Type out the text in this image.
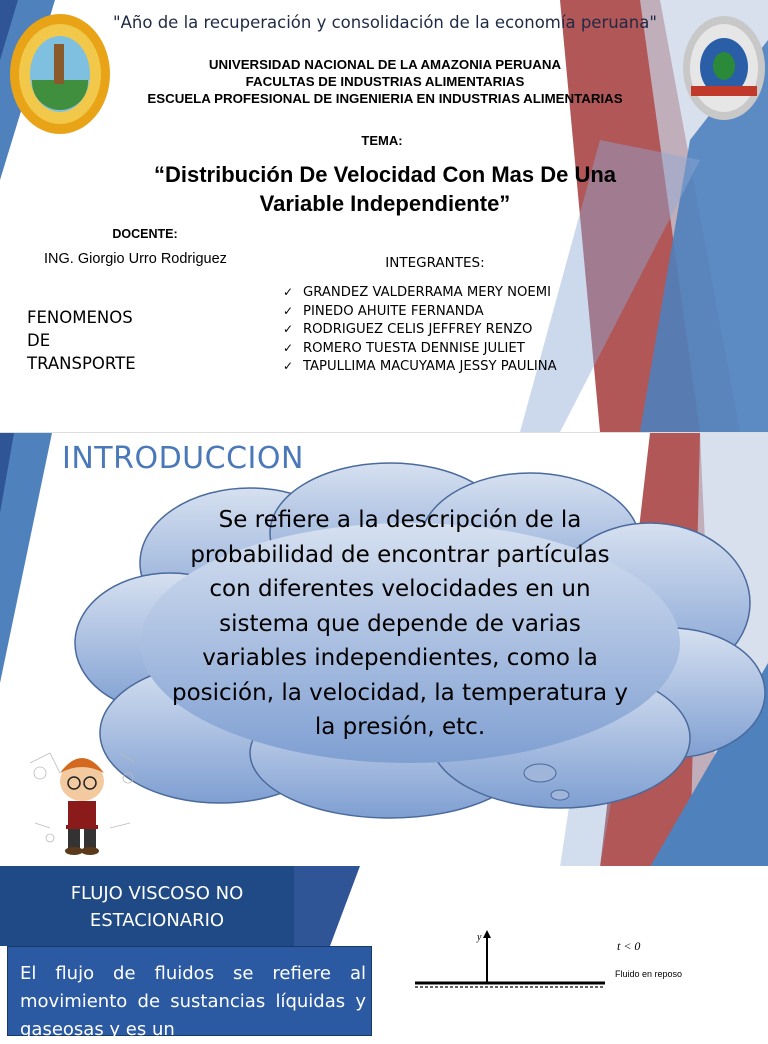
"Año de la recuperación y consolidación de la economía peruana"
UNIVERSIDAD NACIONAL DE LA AMAZONIA PERUANA
FACULTAS DE INDUSTRIAS ALIMENTARIAS
ESCUELA PROFESIONAL DE INGENIERIA EN INDUSTRIAS ALIMENTARIAS
TEMA:
“Distribución De Velocidad Con Mas De Una Variable Independiente”
DOCENTE:
ING. Giorgio Urro Rodriguez
FENOMENOS
DE
TRANSPORTE
INTEGRANTES:
✓ GRANDEZ VALDERRAMA MERY NOEMI
✓ PINEDO AHUITE FERNANDA
✓ RODRIGUEZ CELIS JEFFREY RENZO
✓ ROMERO TUESTA DENNISE JULIET
✓ TAPULLIMA MACUYAMA JESSY PAULINA
INTRODUCCION
Se refiere a la descripción de la probabilidad de encontrar partículas con diferentes velocidades en un sistema que depende de varias variables independientes, como la posición, la velocidad, la temperatura y la presión, etc.
FLUJO VISCOSO NO ESTACIONARIO
El flujo de fluidos se refiere al movimiento de sustancias líquidas y gaseosas y es un
y
t < 0
Fluido en reposo
